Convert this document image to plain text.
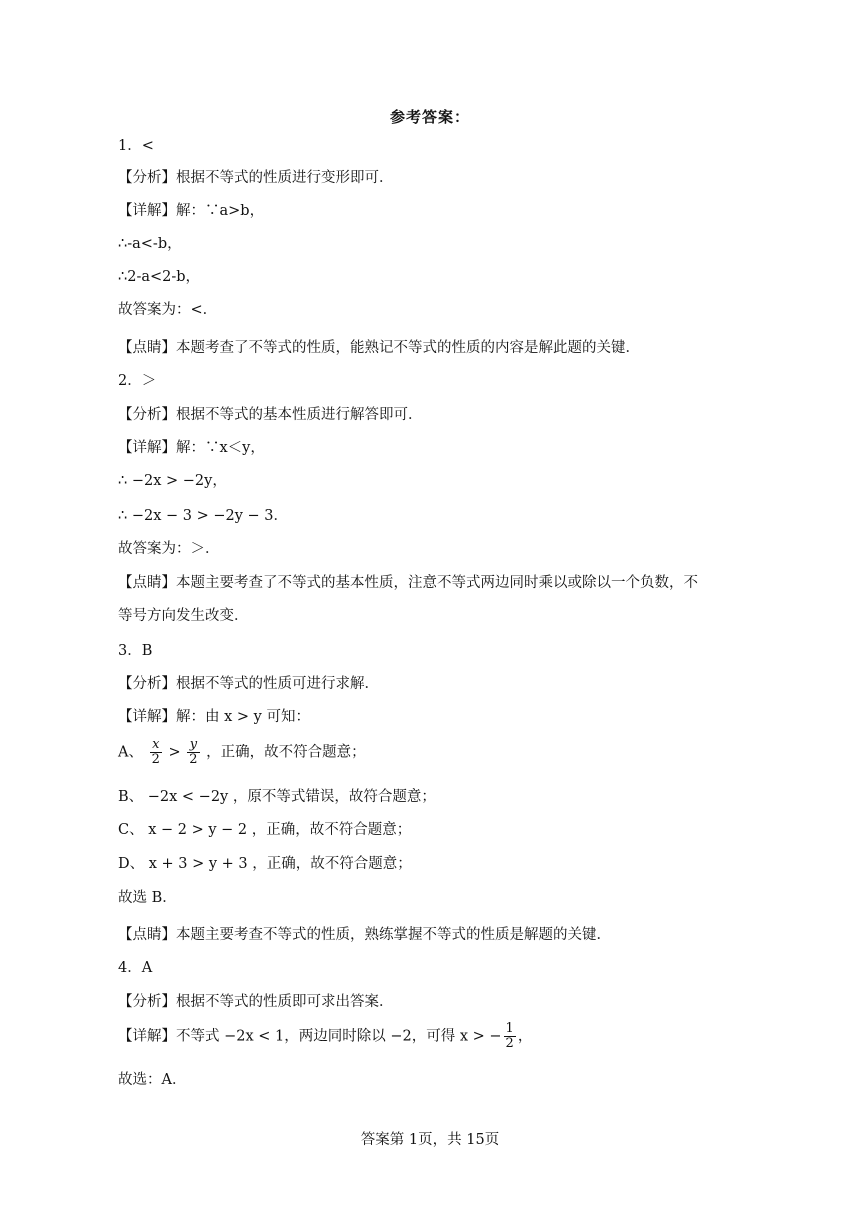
参考答案：
1．<
【分析】根据不等式的性质进行变形即可．
【详解】解：∵a>b，
∴-a<-b，
∴2-a<2-b，
故答案为：<．
【点睛】本题考查了不等式的性质，能熟记不等式的性质的内容是解此题的关键．
2．＞
【分析】根据不等式的基本性质进行解答即可．
【详解】解：∵x＜y，
∴ −2x > −2y，
∴ −2x − 3 > −2y − 3．
故答案为：＞．
【点睛】本题主要考查了不等式的基本性质，注意不等式两边同时乘以或除以一个负数，不
等号方向发生改变．
3．B
【分析】根据不等式的性质可进行求解．
【详解】解：由 x > y 可知：
A、 $\frac{x}{2} > \frac{y}{2}$ ，正确，故不符合题意；
B、 −2x < −2y ，原不等式错误，故符合题意；
C、 x − 2 > y − 2 ，正确，故不符合题意；
D、 x + 3 > y + 3 ，正确，故不符合题意；
故选 B．
【点睛】本题主要考查不等式的性质，熟练掌握不等式的性质是解题的关键．
4．A
【分析】根据不等式的性质即可求出答案．
【详解】不等式 −2x < 1，两边同时除以 −2，可得 x > − $\frac{1}{2}$ ，
故选：A．
答案第 1页，共 15页
